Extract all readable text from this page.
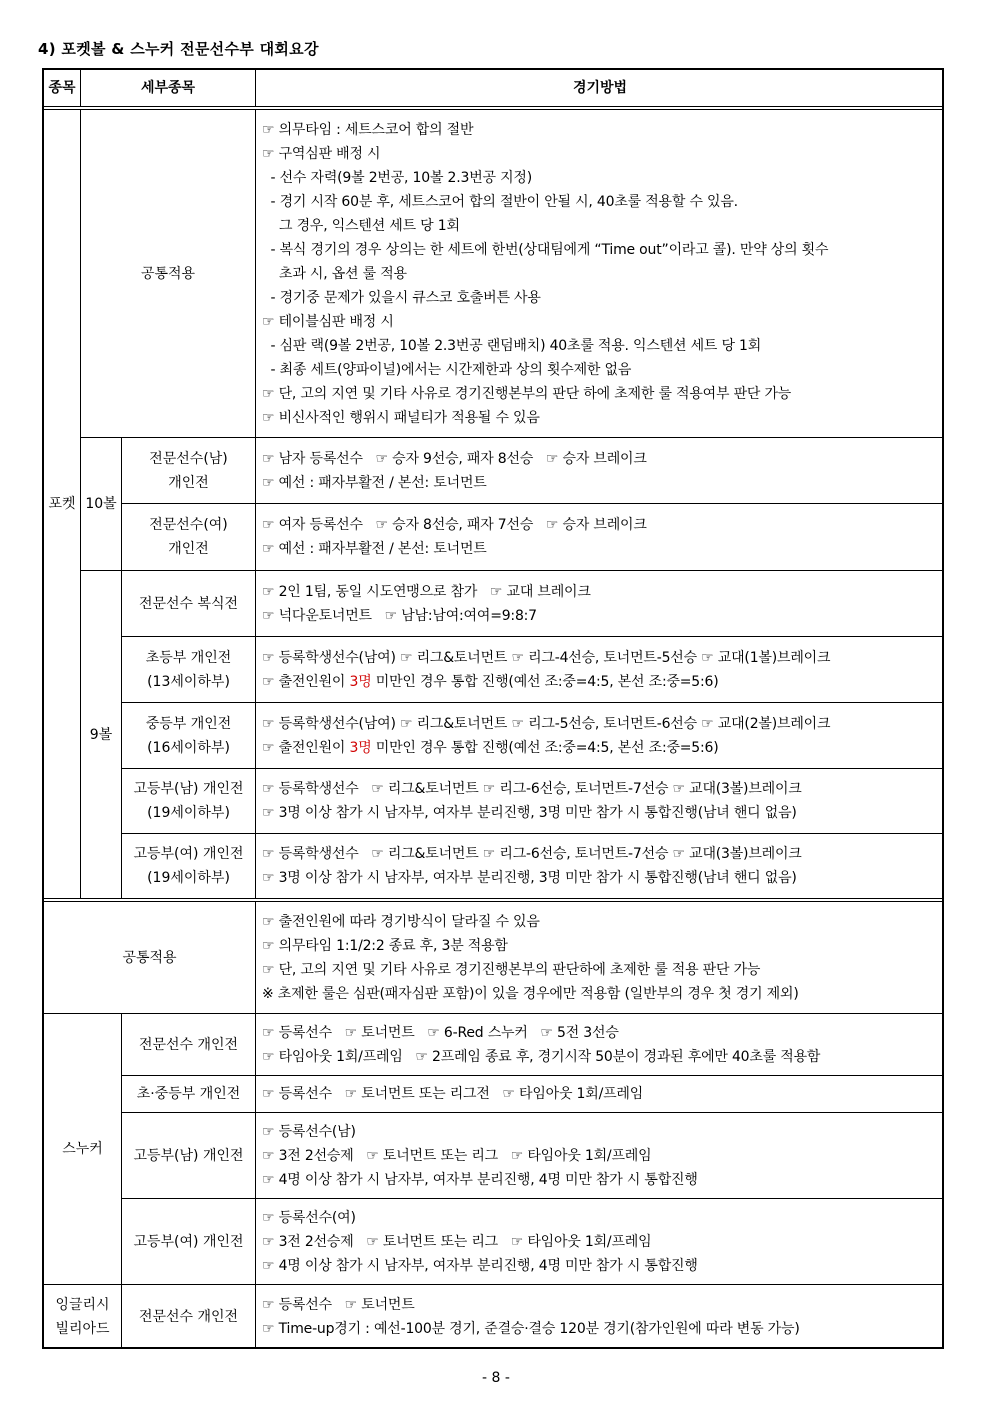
4) 포켓볼 & 스누커 전문선수부 대회요강
종목	세부종목	경기방법
포켓 10볼
9볼
스누커
잉글리시
빌리아드
공통적용
전문선수(남)
개인전
전문선수(여)
개인전
전문선수 복식전
초등부 개인전
(13세이하부)
중등부 개인전
(16세이하부)
고등부(남) 개인전
(19세이하부)
고등부(여) 개인전
(19세이하부)
공통적용
전문선수 개인전
초·중등부 개인전
고등부(남) 개인전
고등부(여) 개인전
전문선수 개인전
☞ 의무타임 : 세트스코어 합의 절반
☞ 구역심판 배정 시
- 선수 자력(9볼 2번공, 10볼 2.3번공 지정)
- 경기 시작 60분 후, 세트스코어 합의 절반이 안될 시, 40초룰 적용할 수 있음.
그 경우, 익스텐션 세트 당 1회
- 복식 경기의 경우 상의는 한 세트에 한번(상대팀에게 “Time out”이라고 콜). 만약 상의 횟수
초과 시, 옵션 룰 적용
- 경기중 문제가 있을시 큐스코 호출버튼 사용
☞ 테이블심판 배정 시
- 심판 랙(9볼 2번공, 10볼 2.3번공 랜덤배치) 40초룰 적용. 익스텐션 세트 당 1회
- 최종 세트(양파이널)에서는 시간제한과 상의 횟수제한 없음
☞ 단, 고의 지연 및 기타 사유로 경기진행본부의 판단 하에 초제한 룰 적용여부 판단 가능
☞ 비신사적인 행위시 패널티가 적용될 수 있음
☞ 남자 등록선수   ☞ 승자 9선승, 패자 8선승   ☞ 승자 브레이크
☞ 예선 : 패자부활전 / 본선: 토너먼트
☞ 여자 등록선수   ☞ 승자 8선승, 패자 7선승   ☞ 승자 브레이크
☞ 예선 : 패자부활전 / 본선: 토너먼트
☞ 2인 1팀, 동일 시도연맹으로 참가   ☞ 교대 브레이크
☞ 넉다운토너먼트   ☞ 남남:남여:여여=9:8:7
☞ 등록학생선수(남여) ☞ 리그&토너먼트 ☞ 리그-4선승, 토너먼트-5선승 ☞ 교대(1볼)브레이크
☞ 출전인원이 3명 미만인 경우 통합 진행(예선 조:중=4:5, 본선 조:중=5:6)
☞ 등록학생선수(남여) ☞ 리그&토너먼트 ☞ 리그-5선승, 토너먼트-6선승 ☞ 교대(2볼)브레이크
☞ 출전인원이 3명 미만인 경우 통합 진행(예선 조:중=4:5, 본선 조:중=5:6)
☞ 등록학생선수   ☞ 리그&토너먼트 ☞ 리그-6선승, 토너먼트-7선승 ☞ 교대(3볼)브레이크
☞ 3명 이상 참가 시 남자부, 여자부 분리진행, 3명 미만 참가 시 통합진행(남녀 핸디 없음)
☞ 등록학생선수   ☞ 리그&토너먼트 ☞ 리그-6선승, 토너먼트-7선승 ☞ 교대(3볼)브레이크
☞ 3명 이상 참가 시 남자부, 여자부 분리진행, 3명 미만 참가 시 통합진행(남녀 핸디 없음)
☞ 출전인원에 따라 경기방식이 달라질 수 있음
☞ 의무타임 1:1/2:2 종료 후, 3분 적용함
☞ 단, 고의 지연 및 기타 사유로 경기진행본부의 판단하에 초제한 룰 적용 판단 가능
※ 초제한 룰은 심판(패자심판 포함)이 있을 경우에만 적용함 (일반부의 경우 첫 경기 제외)
☞ 등록선수   ☞ 토너먼트   ☞ 6-Red 스누커   ☞ 5전 3선승
☞ 타임아웃 1회/프레임   ☞ 2프레임 종료 후, 경기시작 50분이 경과된 후에만 40초룰 적용함
☞ 등록선수   ☞ 토너먼트 또는 리그전   ☞ 타임아웃 1회/프레임
☞ 등록선수(남)
☞ 3전 2선승제   ☞ 토너먼트 또는 리그   ☞ 타임아웃 1회/프레임
☞ 4명 이상 참가 시 남자부, 여자부 분리진행, 4명 미만 참가 시 통합진행
☞ 등록선수(여)
☞ 3전 2선승제   ☞ 토너먼트 또는 리그   ☞ 타임아웃 1회/프레임
☞ 4명 이상 참가 시 남자부, 여자부 분리진행, 4명 미만 참가 시 통합진행
☞ 등록선수   ☞ 토너먼트
☞ Time-up경기 : 예선-100분 경기, 준결승·결승 120분 경기(참가인원에 따라 변동 가능)
- 8 -
